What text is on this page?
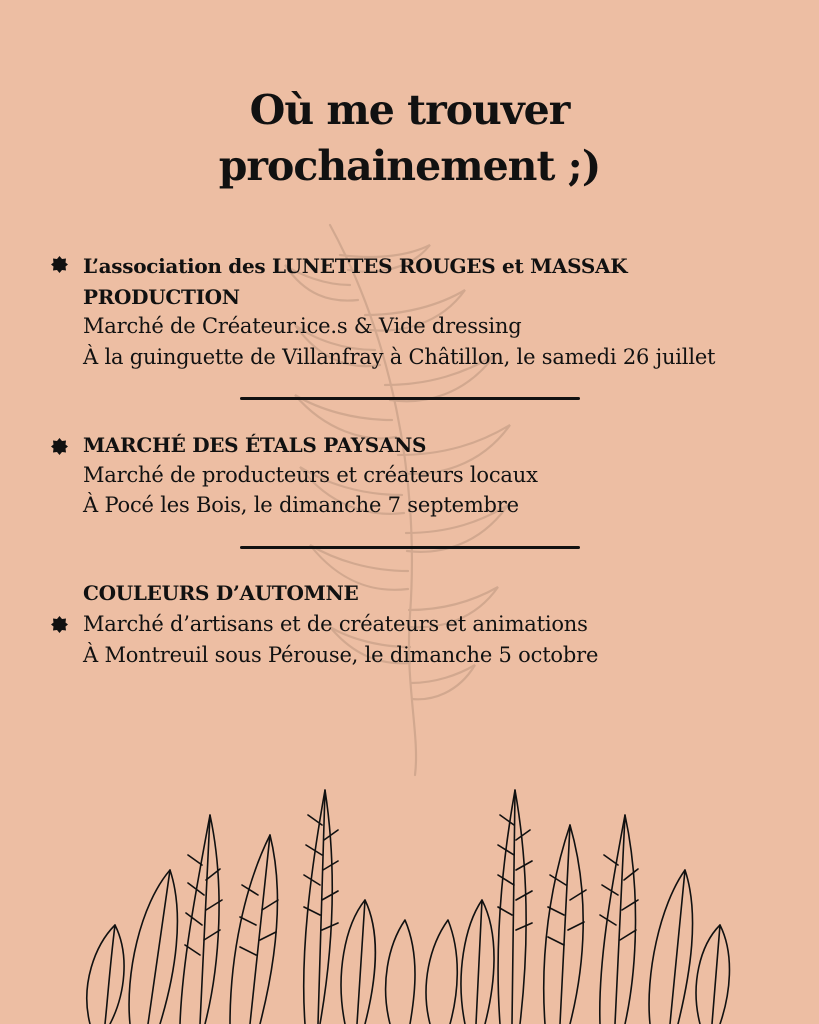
Où me trouver
prochainement ;)
L’association des LUNETTES ROUGES et MASSAK
PRODUCTION
Marché de Créateur.ice.s & Vide dressing
À la guinguette de Villanfray à Châtillon, le samedi 26 juillet
MARCHÉ DES ÉTALS PAYSANS
Marché de producteurs et créateurs locaux
À Pocé les Bois, le dimanche 7 septembre
COULEURS D’AUTOMNE
Marché d’artisans et de créateurs et animations
À Montreuil sous Pérouse, le dimanche 5 octobre
